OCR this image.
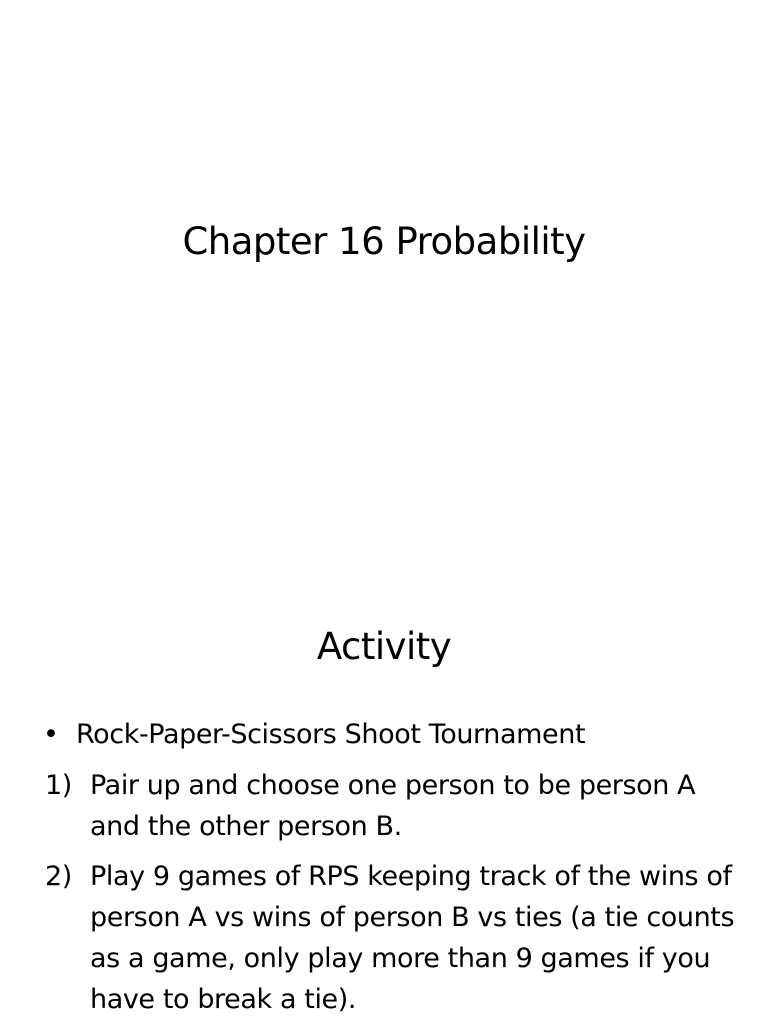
Chapter 16 Probability
Activity
• Rock-Paper-Scissors Shoot Tournament
1) Pair up and choose one person to be person A and the other person B.
2) Play 9 games of RPS keeping track of the wins of person A vs wins of person B vs ties (a tie counts as a game, only play more than 9 games if you have to break a tie).
